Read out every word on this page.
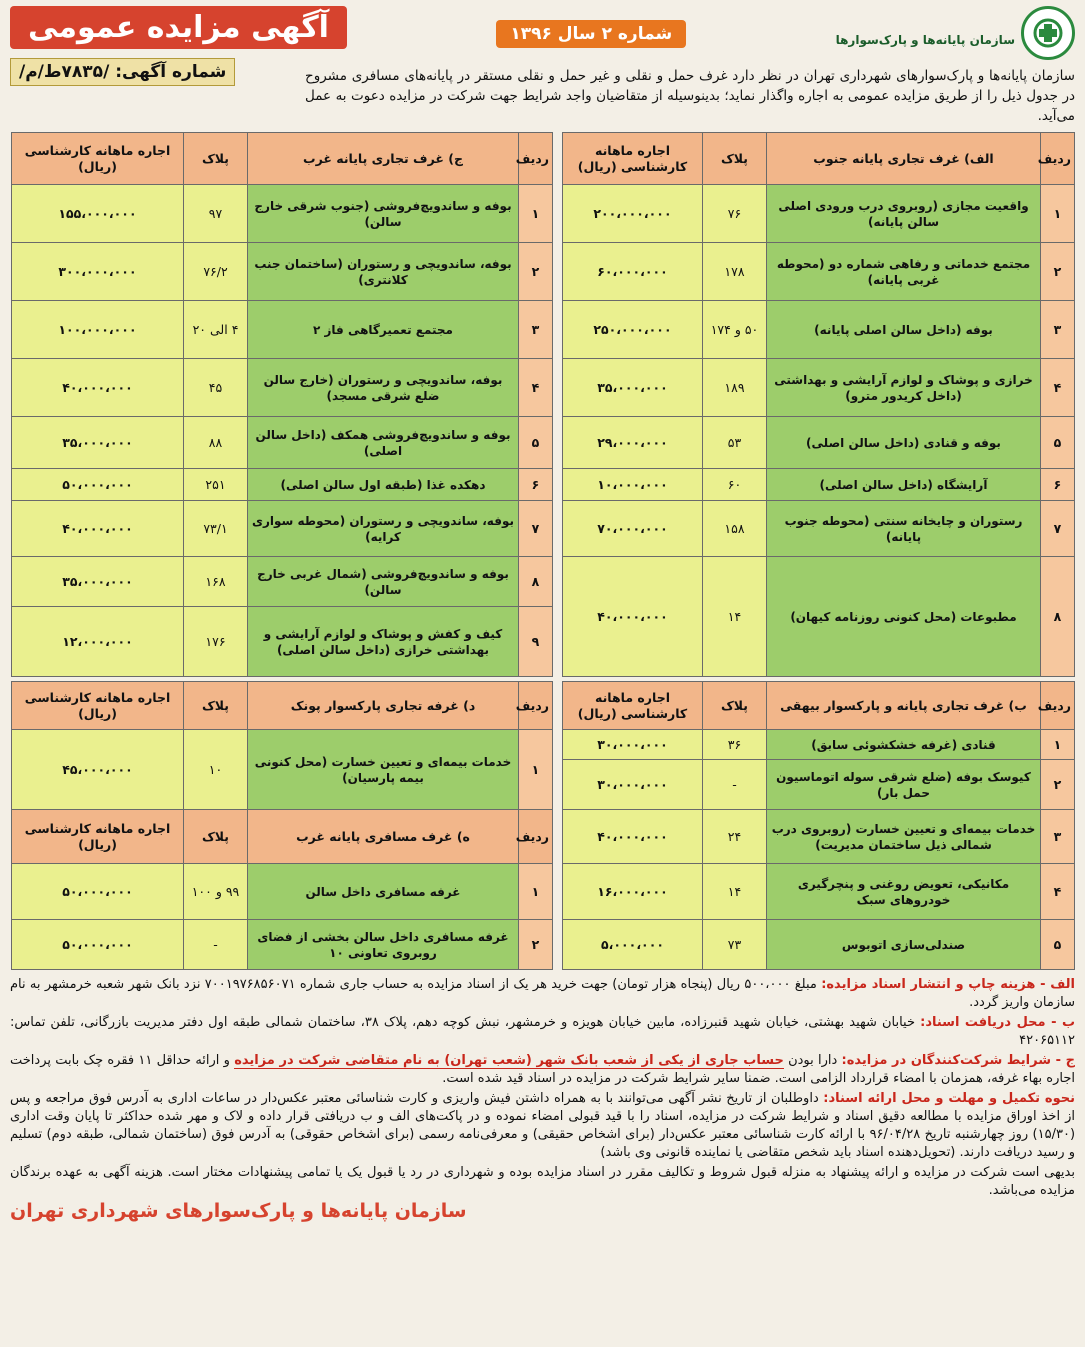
سازمان پایانه‌ها و پارک‌سوارها
شماره ۲ سال ۱۳۹۶
آگهی مزایده عمومی
سازمان پایانه‌ها و پارک‌سوارهای شهرداری تهران در نظر دارد غرف حمل و نقلی و غیر حمل و نقلی مستقر در پایانه‌های مسافری مشروح در جدول ذیل را از طریق مزایده عمومی به اجاره واگذار نماید؛ بدینوسیله از متقاضیان واجد شرایط جهت شرکت در مزایده دعوت به عمل می‌آید.
شماره آگهی: /۷۸۳۵ط/م/
ردیف	الف) غرف تجاری پایانه جنوب	پلاک	اجاره ماهانه کارشناسی (ریال)		ردیف	ج) غرف تجاری پایانه غرب	پلاک	اجاره ماهانه کارشناسی (ریال)
۱	واقعیت مجازی (روبروی درب ورودی اصلی سالن پایانه)	۷۶	۲۰۰،۰۰۰،۰۰۰		۱	بوفه و ساندویچ‌فروشی (جنوب شرقی خارج سالن)	۹۷	۱۵۵،۰۰۰،۰۰۰
۲	مجتمع خدماتی و رفاهی شماره دو (محوطه غربی پایانه)	۱۷۸	۶۰،۰۰۰،۰۰۰		۲	بوفه، ساندویچی و رستوران (ساختمان جنب کلانتری)	۷۶/۲	۳۰۰،۰۰۰،۰۰۰
۳	بوفه (داخل سالن اصلی پایانه)	۵۰ و ۱۷۴	۲۵۰،۰۰۰،۰۰۰		۳	مجتمع تعمیرگاهی فاز ۲	۴ الی ۲۰	۱۰۰،۰۰۰،۰۰۰
۴	خرازی و پوشاک و لوازم آرایشی و بهداشتی (داخل کریدور مترو)	۱۸۹	۳۵،۰۰۰،۰۰۰		۴	بوفه، ساندویچی و رستوران (خارج سالن ضلع شرقی مسجد)	۴۵	۴۰،۰۰۰،۰۰۰
۵	بوفه و قنادی (داخل سالن اصلی)	۵۳	۲۹،۰۰۰،۰۰۰		۵	بوفه و ساندویچ‌فروشی همکف (داخل سالن اصلی)	۸۸	۳۵،۰۰۰،۰۰۰
۶	آرایشگاه (داخل سالن اصلی)	۶۰	۱۰،۰۰۰،۰۰۰		۶	دهکده غذا (طبقه اول سالن اصلی)	۲۵۱	۵۰،۰۰۰،۰۰۰
۷	رستوران و چایخانه سنتی (محوطه جنوب پایانه)	۱۵۸	۷۰،۰۰۰،۰۰۰		۷	بوفه، ساندویچی و رستوران (محوطه سواری کرایه)	۷۳/۱	۴۰،۰۰۰،۰۰۰
۸	مطبوعات (محل کنونی روزنامه کیهان)	۱۴	۴۰،۰۰۰،۰۰۰		۸	بوفه و ساندویچ‌فروشی (شمال غربی خارج سالن)	۱۶۸	۳۵،۰۰۰،۰۰۰
					۹	کیف و کفش و پوشاک و لوازم آرایشی و بهداشتی خرازی (داخل سالن اصلی)	۱۷۶	۱۲،۰۰۰،۰۰۰
ردیف	ب) غرف تجاری پایانه و پارکسوار بیهقی	پلاک	اجاره ماهانه کارشناسی (ریال)		ردیف	د) غرفه تجاری پارکسوار پونک	پلاک	اجاره ماهانه کارشناسی (ریال)
۱	قنادی (غرفه خشکشوئی سابق)	۳۶	۳۰،۰۰۰،۰۰۰		۱	خدمات بیمه‌ای و تعیین خسارت (محل کنونی بیمه پارسیان)	۱۰	۴۵،۰۰۰،۰۰۰
۲	کیوسک بوفه (ضلع شرقی سوله اتوماسیون حمل بار)	-	۳۰،۰۰۰،۰۰۰					
۳	خدمات بیمه‌ای و تعیین خسارت (روبروی درب شمالی ذیل ساختمان مدیریت)	۲۴	۴۰،۰۰۰،۰۰۰		ردیف	ه) غرف مسافری پایانه غرب	پلاک	اجاره ماهانه کارشناسی (ریال)
۴	مکانیکی، تعویض روغنی و پنچرگیری خودروهای سبک	۱۴	۱۶،۰۰۰،۰۰۰		۱	غرفه مسافری داخل سالن	۹۹ و ۱۰۰	۵۰،۰۰۰،۰۰۰
۵	صندلی‌سازی اتوبوس	۷۳	۵،۰۰۰،۰۰۰		۲	غرفه مسافری داخل سالن بخشی از فضای روبروی تعاونی ۱۰	-	۵۰،۰۰۰،۰۰۰

الف - هزینه چاپ و انتشار اسناد مزایده: مبلغ ۵۰۰،۰۰۰ ریال (پنجاه هزار تومان) جهت خرید هر یک از اسناد مزایده به حساب جاری شماره ۷۰۰۱۹۷۶۸۵۶۰۷۱ نزد بانک شهر شعبه خرمشهر به نام سازمان واریز گردد.

ب - محل دریافت اسناد: خیابان شهید بهشتی، خیابان شهید قنبرزاده، مابین خیابان هویزه و خرمشهر، نبش کوچه دهم، پلاک ۳۸، ساختمان شمالی طبقه اول دفتر مدیریت بازرگانی، تلفن تماس: ۴۲۰۶۵۱۱۲

ج - شرایط شرکت‌کنندگان در مزایده: دارا بودن حساب جاری از یکی از شعب بانک شهر (شعب تهران) به نام متقاضی شرکت در مزایده و ارائه حداقل ۱۱ فقره چک بابت پرداخت اجاره بهاء غرفه، همزمان با امضاء قرارداد الزامی است. ضمنا سایر شرایط شرکت در مزایده در اسناد قید شده است.

نحوه تکمیل و مهلت و محل ارائه اسناد: داوطلبان از تاریخ نشر آگهی می‌توانند با به همراه داشتن فیش واریزی و کارت شناسائی معتبر عکس‌دار در ساعات اداری به آدرس فوق مراجعه و پس از اخذ اوراق مزایده با مطالعه دقیق اسناد و شرایط شرکت در مزایده، اسناد را با قید قبولی امضاء نموده و در پاکت‌های الف و ب دریافتی قرار داده و لاک و مهر شده حداکثر تا پایان وقت اداری (۱۵/۳۰) روز چهارشنبه تاریخ ۹۶/۰۴/۲۸ با ارائه کارت شناسائی معتبر عکس‌دار (برای اشخاص حقیقی) و معرفی‌نامه رسمی (برای اشخاص حقوقی) به آدرس فوق (ساختمان شمالی، طبقه دوم) تسلیم و رسید دریافت دارند. (تحویل‌دهنده اسناد باید شخص متقاضی یا نماینده قانونی وی باشد)

بدیهی است شرکت در مزایده و ارائه پیشنهاد به منزله قبول شروط و تکالیف مقرر در اسناد مزایده بوده و شهرداری در رد یا قبول یک یا تمامی پیشنهادات مختار است. هزینه آگهی به عهده برندگان مزایده می‌باشد.

سازمان پایانه‌ها و پارک‌سوارهای شهرداری تهران
